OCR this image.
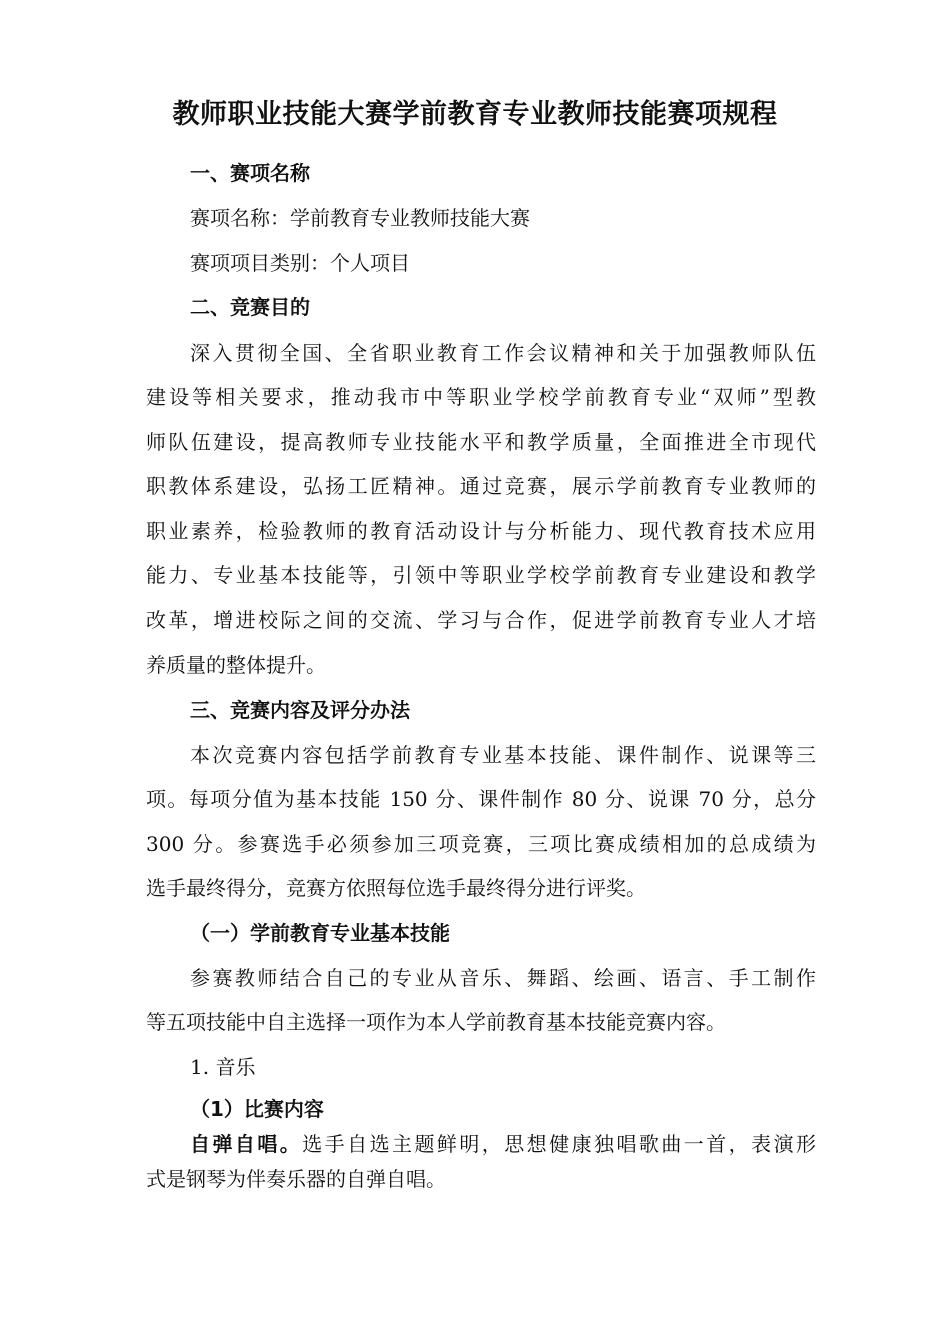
教师职业技能大赛学前教育专业教师技能赛项规程
一、赛项名称
赛项名称：学前教育专业教师技能大赛
赛项项目类别：个人项目
二、竞赛目的
深入贯彻全国、全省职业教育工作会议精神和关于加强教师队伍
建设等相关要求，推动我市中等职业学校学前教育专业“双师”型教
师队伍建设，提高教师专业技能水平和教学质量，全面推进全市现代
职教体系建设，弘扬工匠精神。通过竞赛，展示学前教育专业教师的
职业素养，检验教师的教育活动设计与分析能力、现代教育技术应用
能力、专业基本技能等，引领中等职业学校学前教育专业建设和教学
改革，增进校际之间的交流、学习与合作，促进学前教育专业人才培
养质量的整体提升。
三、竞赛内容及评分办法
本次竞赛内容包括学前教育专业基本技能、课件制作、说课等三
项。每项分值为基本技能 150 分、课件制作 80 分、说课 70 分，总分
300 分。参赛选手必须参加三项竞赛，三项比赛成绩相加的总成绩为
选手最终得分，竞赛方依照每位选手最终得分进行评奖。
（一）学前教育专业基本技能
参赛教师结合自己的专业从音乐、舞蹈、绘画、语言、手工制作
等五项技能中自主选择一项作为本人学前教育基本技能竞赛内容。
1. 音乐
（1）比赛内容
自弹自唱。选手自选主题鲜明，思想健康独唱歌曲一首，表演形
式是钢琴为伴奏乐器的自弹自唱。
